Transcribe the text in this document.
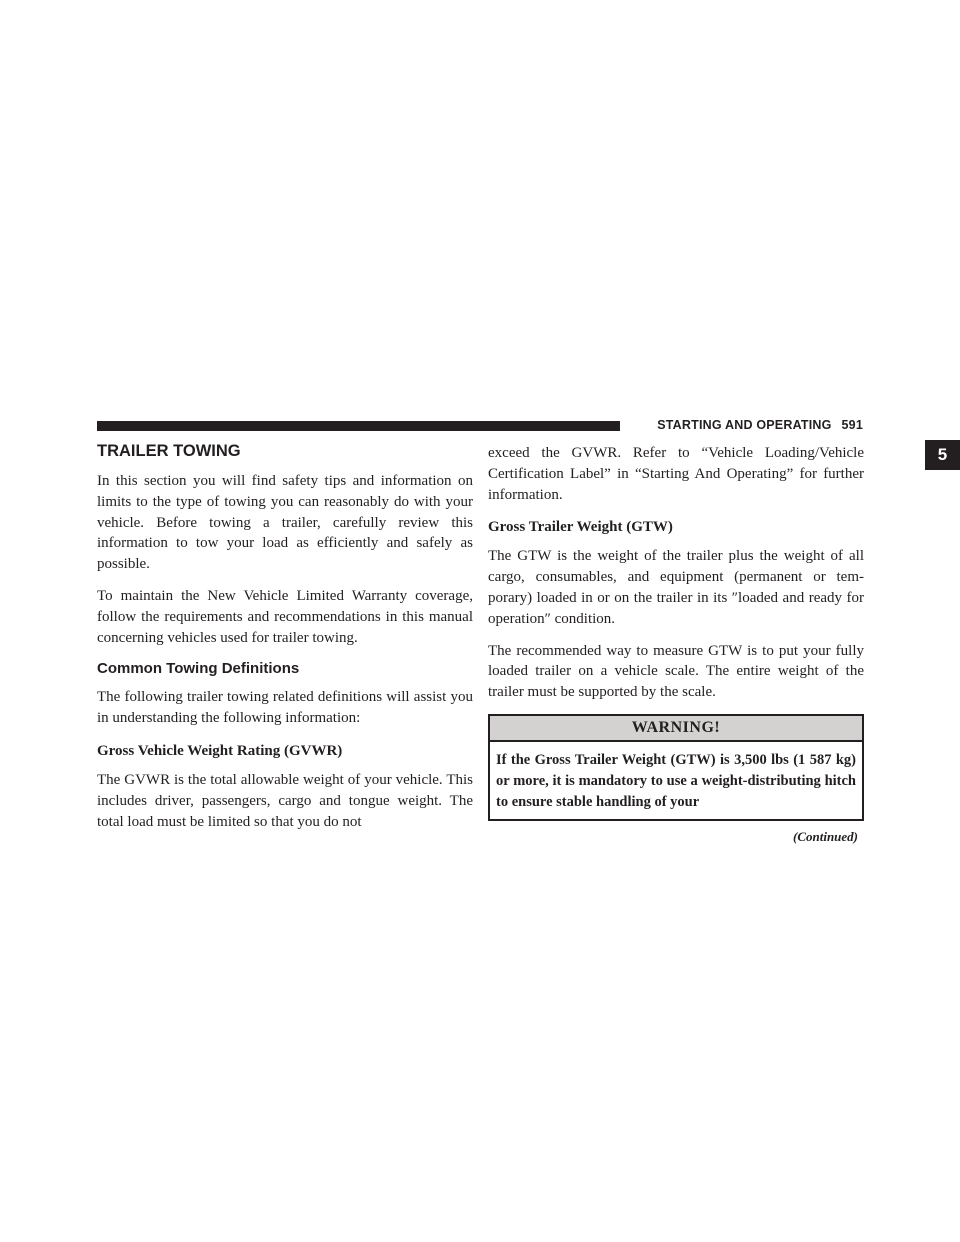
STARTING AND OPERATING 591
5
TRAILER TOWING

In this section you will find safety tips and information on limits to the type of towing you can reasonably do with your vehicle. Before towing a trailer, carefully review this information to tow your load as efficiently and safely as possible.

To maintain the New Vehicle Limited Warranty coverage, follow the requirements and recommendations in this manual concerning vehicles used for trailer towing.

Common Towing Definitions

The following trailer towing related definitions will assist you in understanding the following information:

Gross Vehicle Weight Rating (GVWR)

The GVWR is the total allowable weight of your vehicle. This includes driver, passengers, cargo and tongue weight. The total load must be limited so that you do not

exceed the GVWR. Refer to “Vehicle Loading/Vehicle Certification Label” in “Starting And Operating” for further information.

Gross Trailer Weight (GTW)

The GTW is the weight of the trailer plus the weight of all cargo, consumables, and equipment (permanent or tem-porary) loaded in or on the trailer in its ″loaded and ready for operation″ condition.

The recommended way to measure GTW is to put your fully loaded trailer on a vehicle scale. The entire weight of the trailer must be supported by the scale.

WARNING!
If the Gross Trailer Weight (GTW) is 3,500 lbs (1 587 kg) or more, it is mandatory to use a weight-distributing hitch to ensure stable handling of your
(Continued)
